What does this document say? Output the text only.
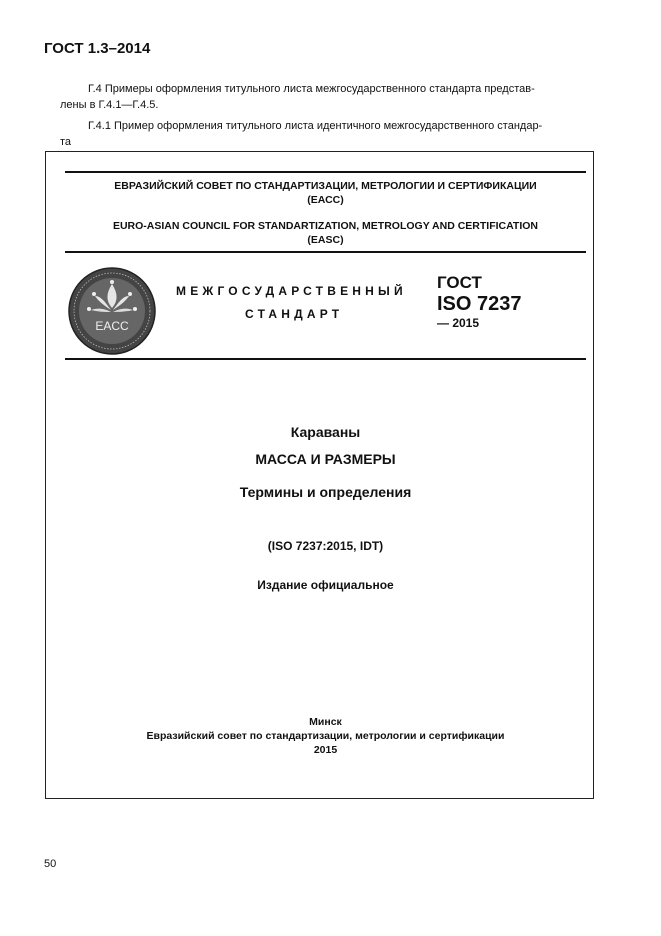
ГОСТ 1.3–2014
Г.4 Примеры оформления титульного листа межгосударственного стандарта представ-
лены в Г.4.1—Г.4.5.
Г.4.1 Пример оформления титульного листа идентичного межгосударственного стандар-
та
ЕВРАЗИЙСКИЙ СОВЕТ ПО СТАНДАРТИЗАЦИИ, МЕТРОЛОГИИ И СЕРТИФИКАЦИИ
(ЕАСС)
EURO-ASIAN COUNCIL FOR STANDARTIZATION, METROLOGY AND CERTIFICATION
(EASC)
EACC
МЕЖГОСУДАРСТВЕННЫЙ
СТАНДАРТ
ГОСТ
ISO 7237
— 2015
Караваны
МАССА И РАЗМЕРЫ
Термины и определения
(ISO 7237:2015, IDT)
Издание официальное
Минск
Евразийский совет по стандартизации, метрологии и сертификации
2015
50
